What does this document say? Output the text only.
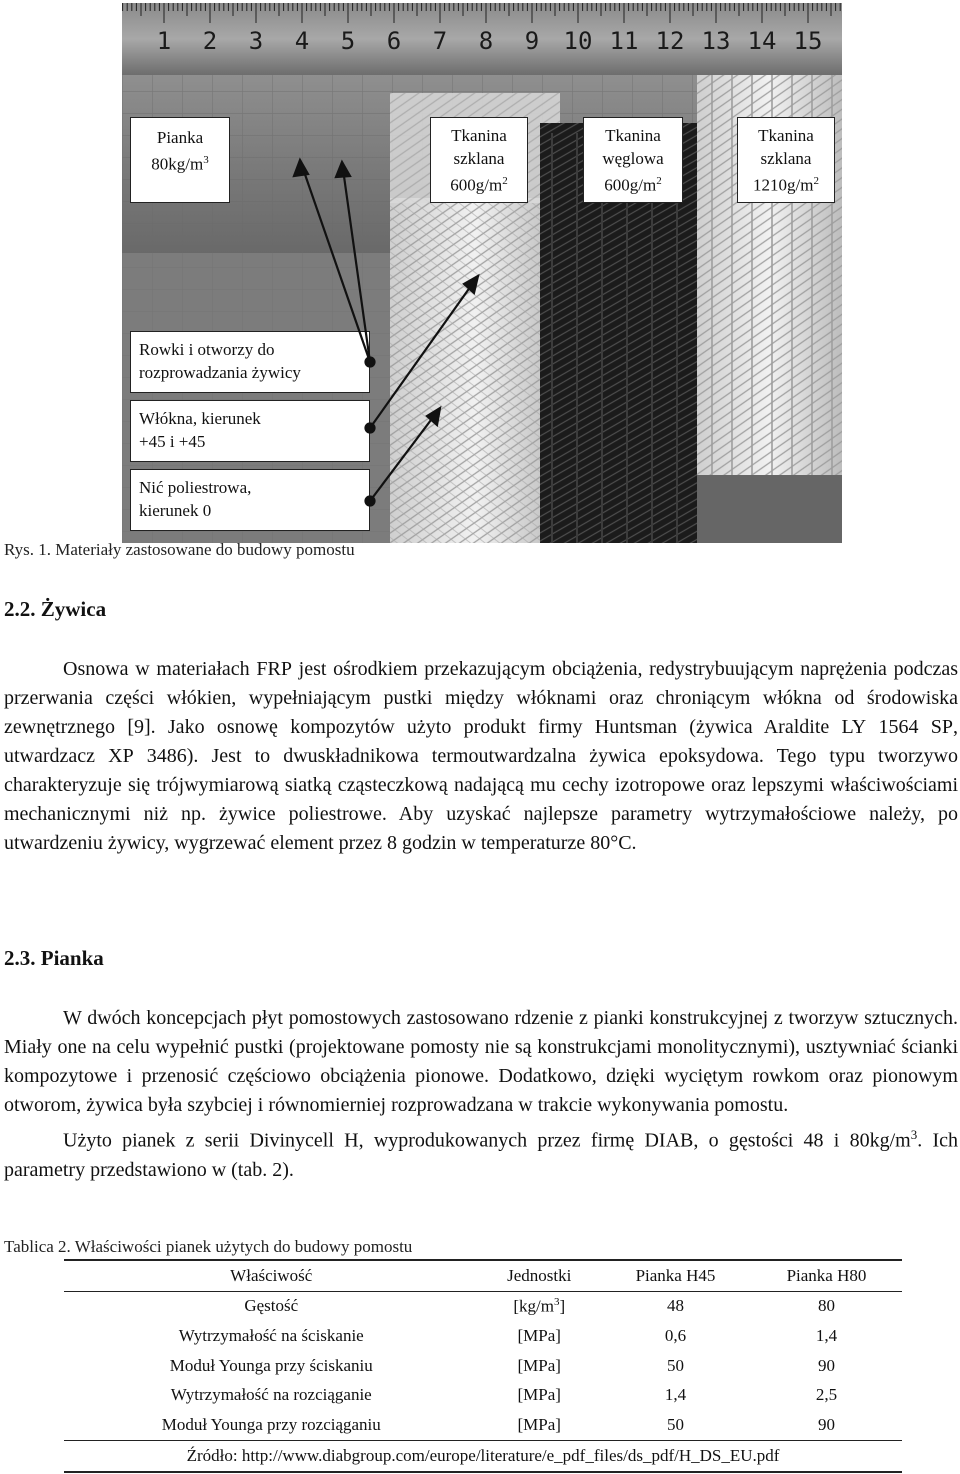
1 2 3 4 5 6 7 8 9 10 11 12 13 14 15
Pianka
$80kg/m^3$
Tkanina
szklana
$600g/m^2$
Tkanina
węglowa
$600g/m^2$
Tkanina
szklana
$1210g/m^2$
Rowki i otworzy do
rozprowadzania żywicy
Włókna, kierunek
+45 i +45
Nić poliestrowa,
kierunek 0
Rys. 1. Materiały zastosowane do budowy pomostu
2.2. Żywica

Osnowa w materiałach FRP jest ośrodkiem przekazującym obciążenia, redystrybuującym naprężenia podczas przerwania części włókien, wypełniającym pustki między włóknami oraz chroniącym włókna od środowiska zewnętrznego [9]. Jako osnowę kompozytów użyto produkt firmy Huntsman (żywica Araldite LY 1564 SP, utwardzacz XP 3486). Jest to dwuskładnikowa termoutwardzalna żywica epoksydowa. Tego typu tworzywo charakteryzuje się trójwymiarową siatką cząsteczkową nadającą mu cechy izotropowe oraz lepszymi właściwościami mechanicznymi niż np. żywice poliestrowe. Aby uzyskać najlepsze parametry wytrzymałościowe należy, po utwardzeniu żywicy, wygrzewać element przez 8 godzin w temperaturze 80°C.

2.3. Pianka

W dwóch koncepcjach płyt pomostowych zastosowano rdzenie z pianki konstrukcyjnej z tworzyw sztucznych. Miały one na celu wypełnić pustki (projektowane pomosty nie są konstrukcjami monolitycznymi), usztywniać ścianki kompozytowe i przenosić częściowo obciążenia pionowe. Dodatkowo, dzięki wyciętym rowkom oraz pionowym otworom, żywica była szybciej i równomierniej rozprowadzana w trakcie wykonywania pomostu.

Użyto pianek z serii Divinycell H, wyprodukowanych przez firmę DIAB, o gęstości 48 i $80kg/m^3$. Ich parametry przedstawiono w (tab. 2).

Tablica 2. Właściwości pianek użytych do budowy pomostu
Właściwość	Jednostki	Pianka H45	Pianka H80
Gęstość	$[kg/m^3]$	48	80
Wytrzymałość na ściskanie	[MPa]	0,6	1,4
Moduł Younga przy ściskaniu	[MPa]	50	90
Wytrzymałość na rozciąganie	[MPa]	1,4	2,5
Moduł Younga przy rozciąganiu	[MPa]	50	90
Źródło: http://www.diabgroup.com/europe/literature/e_pdf_files/ds_pdf/H_DS_EU.pdf			
